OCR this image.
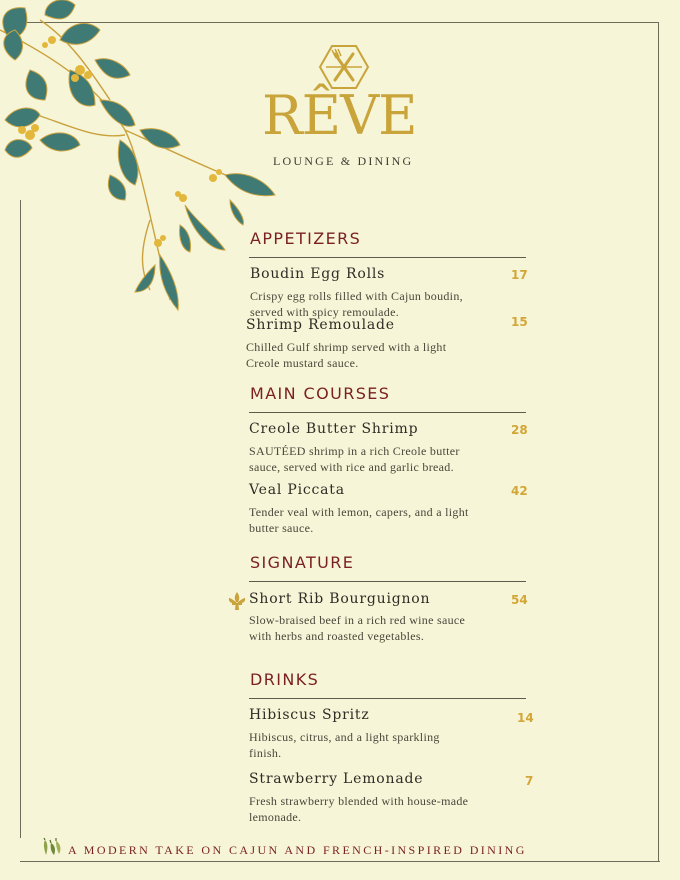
RÊVE
LOUNGE & DINING
APPETIZERS
Boudin Egg Rolls	17
Crispy egg rolls filled with Cajun boudin,
served with spicy remoulade.
Shrimp Remoulade	15
Chilled Gulf shrimp served with a light
Creole mustard sauce.
MAIN COURSES
Creole Butter Shrimp	28
SAUTÉED shrimp in a rich Creole butter
sauce, served with rice and garlic bread.
Veal Piccata	42
Tender veal with lemon, capers, and a light
butter sauce.
SIGNATURE
Short Rib Bourguignon	54
Slow-braised beef in a rich red wine sauce
with herbs and roasted vegetables.
DRINKS
Hibiscus Spritz	14
Hibiscus, citrus, and a light sparkling
finish.
Strawberry Lemonade	7
Fresh strawberry blended with house-made
lemonade.
A MODERN TAKE ON CAJUN AND FRENCH-INSPIRED DINING
